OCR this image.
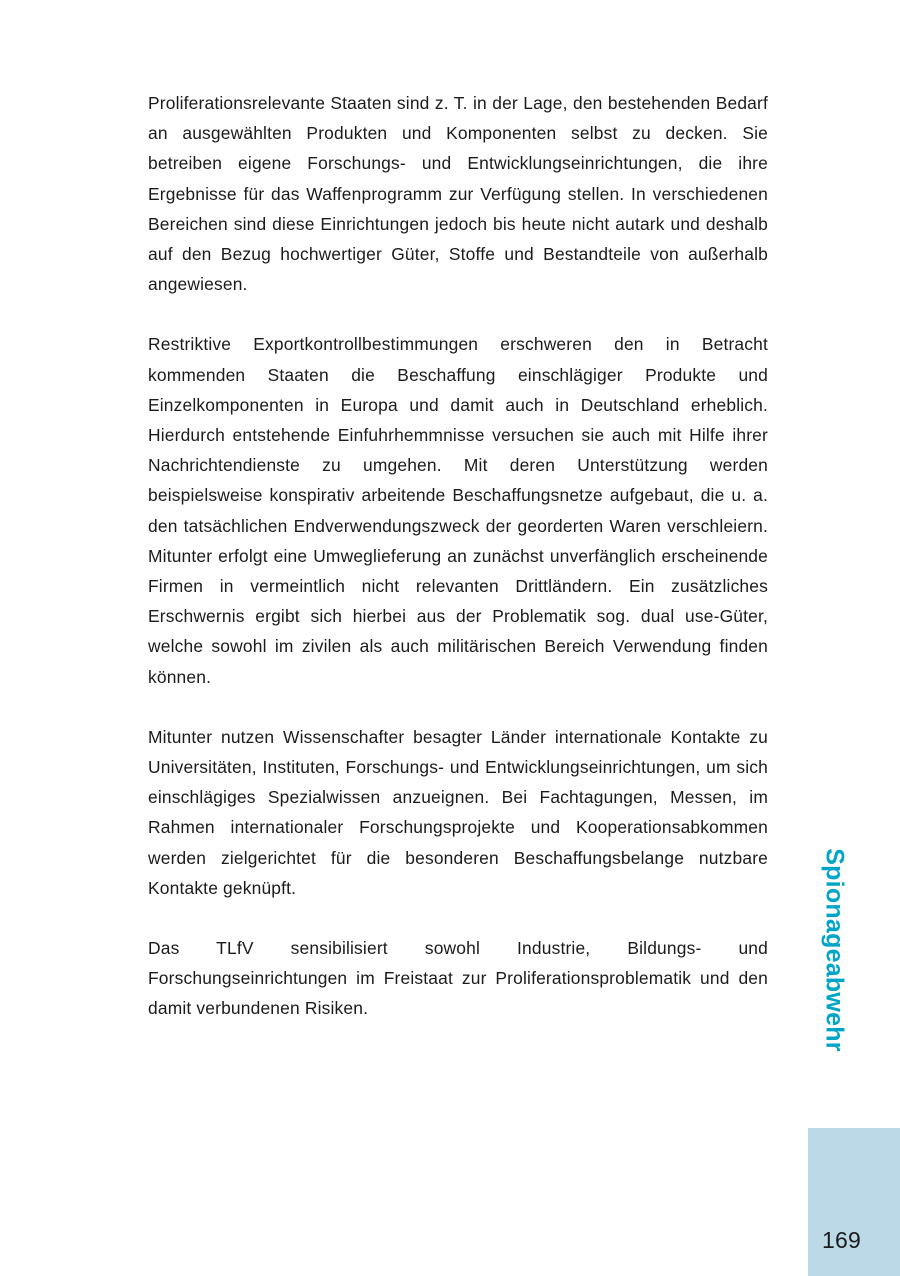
Proliferationsrelevante Staaten sind z. T. in der Lage, den bestehenden Bedarf an ausgewählten Produkten und Komponenten selbst zu decken. Sie betreiben eigene Forschungs- und Entwicklungseinrichtungen, die ihre Ergebnisse für das Waffenprogramm zur Verfügung stellen. In verschiedenen Bereichen sind diese Einrichtungen jedoch bis heute nicht autark und deshalb auf den Bezug hochwertiger Güter, Stoffe und Bestandteile von außerhalb angewiesen.

Restriktive Exportkontrollbestimmungen erschweren den in Betracht kommenden Staaten die Beschaffung einschlägiger Produkte und Einzelkomponenten in Europa und damit auch in Deutschland erheblich. Hierdurch entstehende Einfuhrhemmnisse versuchen sie auch mit Hilfe ihrer Nachrichtendienste zu umgehen. Mit deren Unterstützung werden beispielsweise konspirativ arbeitende Beschaffungsnetze aufgebaut, die u. a. den tatsächlichen Endverwendungszweck der georderten Waren verschleiern. Mitunter erfolgt eine Umweglieferung an zunächst unverfänglich erscheinende Firmen in vermeintlich nicht relevanten Drittländern. Ein zusätzliches Erschwernis ergibt sich hierbei aus der Problematik sog. dual use-Güter, welche sowohl im zivilen als auch militärischen Bereich Verwendung finden können.

Mitunter nutzen Wissenschafter besagter Länder internationale Kontakte zu Universitäten, Instituten, Forschungs- und Entwicklungseinrichtungen, um sich einschlägiges Spezialwissen anzueignen. Bei Fachtagungen, Messen, im Rahmen internationaler Forschungsprojekte und Kooperationsabkommen werden zielgerichtet für die besonderen Beschaffungsbelange nutzbare Kontakte geknüpft.

Das TLfV sensibilisiert sowohl Industrie, Bildungs- und Forschungseinrichtungen im Freistaat zur Proliferationsproblematik und den damit verbundenen Risiken.	Spionageabwehr
169
